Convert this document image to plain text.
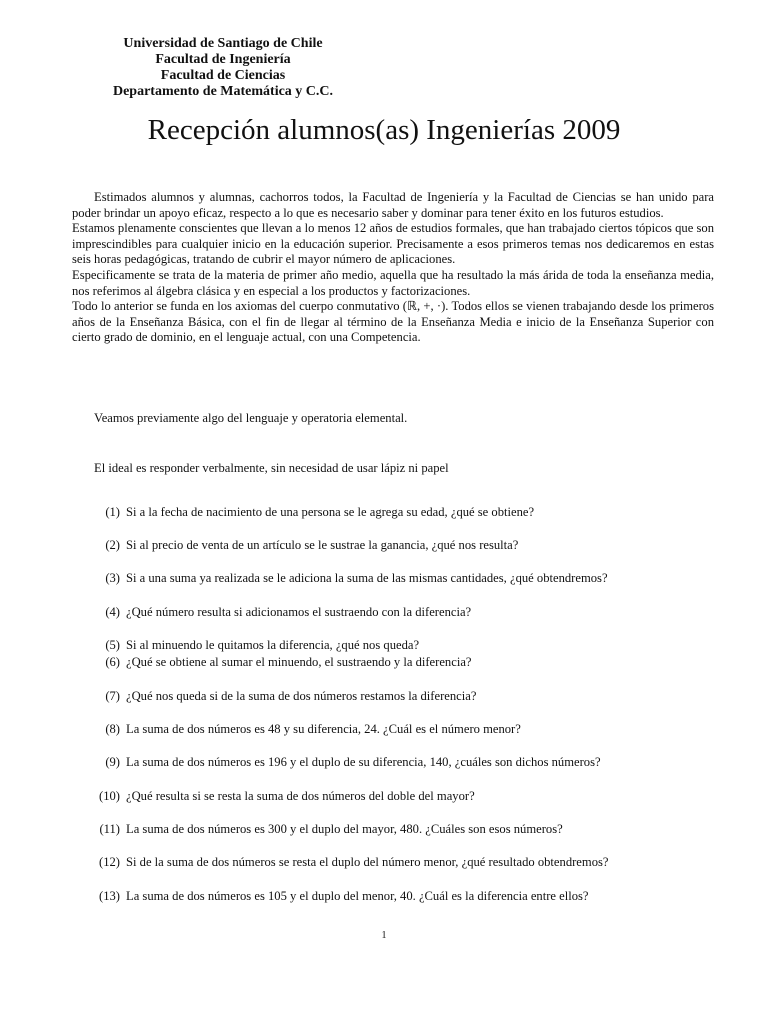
Universidad de Santiago de Chile
Facultad de Ingeniería
Facultad de Ciencias
Departamento de Matemática y C.C.
Recepción alumnos(as) Ingenierías 2009

Estimados alumnos y alumnas, cachorros todos, la Facultad de Ingeniería y la Facultad de Ciencias se han unido para poder brindar un apoyo eficaz, respecto a lo que es necesario saber y dominar para tener éxito en los futuros estudios.

Estamos plenamente conscientes que llevan a lo menos 12 años de estudios formales, que han trabajado ciertos tópicos que son imprescindibles para cualquier inicio en la educación superior. Precisamente a esos primeros temas nos dedicaremos en estas seis horas pedagógicas, tratando de cubrir el mayor número de aplicaciones.

Especificamente se trata de la materia de primer año medio, aquella que ha resultado la más árida de toda la enseñanza media, nos referimos al álgebra clásica y en especial a los productos y factorizaciones.

Todo lo anterior se funda en los axiomas del cuerpo conmutativo (ℝ, +, ·). Todos ellos se vienen trabajando desde los primeros años de la Enseñanza Básica, con el fin de llegar al término de la Enseñanza Media e inicio de la Enseñanza Superior con cierto grado de dominio, en el lenguaje actual, con una Competencia.

Veamos previamente algo del lenguaje y operatoria elemental.
El ideal es responder verbalmente, sin necesidad de usar lápiz ni papel
(1) Si a la fecha de nacimiento de una persona se le agrega su edad, ¿qué se obtiene?
(2) Si al precio de venta de un artículo se le sustrae la ganancia, ¿qué nos resulta?
(3) Si a una suma ya realizada se le adiciona la suma de las mismas cantidades, ¿qué obtendremos?
(4) ¿Qué número resulta si adicionamos el sustraendo con la diferencia?
(5) Si al minuendo le quitamos la diferencia, ¿qué nos queda?
(6) ¿Qué se obtiene al sumar el minuendo, el sustraendo y la diferencia?
(7) ¿Qué nos queda si de la suma de dos números restamos la diferencia?
(8) La suma de dos números es 48 y su diferencia, 24. ¿Cuál es el número menor?
(9) La suma de dos números es 196 y el duplo de su diferencia, 140, ¿cuáles son dichos números?
(10) ¿Qué resulta si se resta la suma de dos números del doble del mayor?
(11) La suma de dos números es 300 y el duplo del mayor, 480. ¿Cuáles son esos números?
(12) Si de la suma de dos números se resta el duplo del número menor, ¿qué resultado obtendremos?
(13) La suma de dos números es 105 y el duplo del menor, 40. ¿Cuál es la diferencia entre ellos?
1
